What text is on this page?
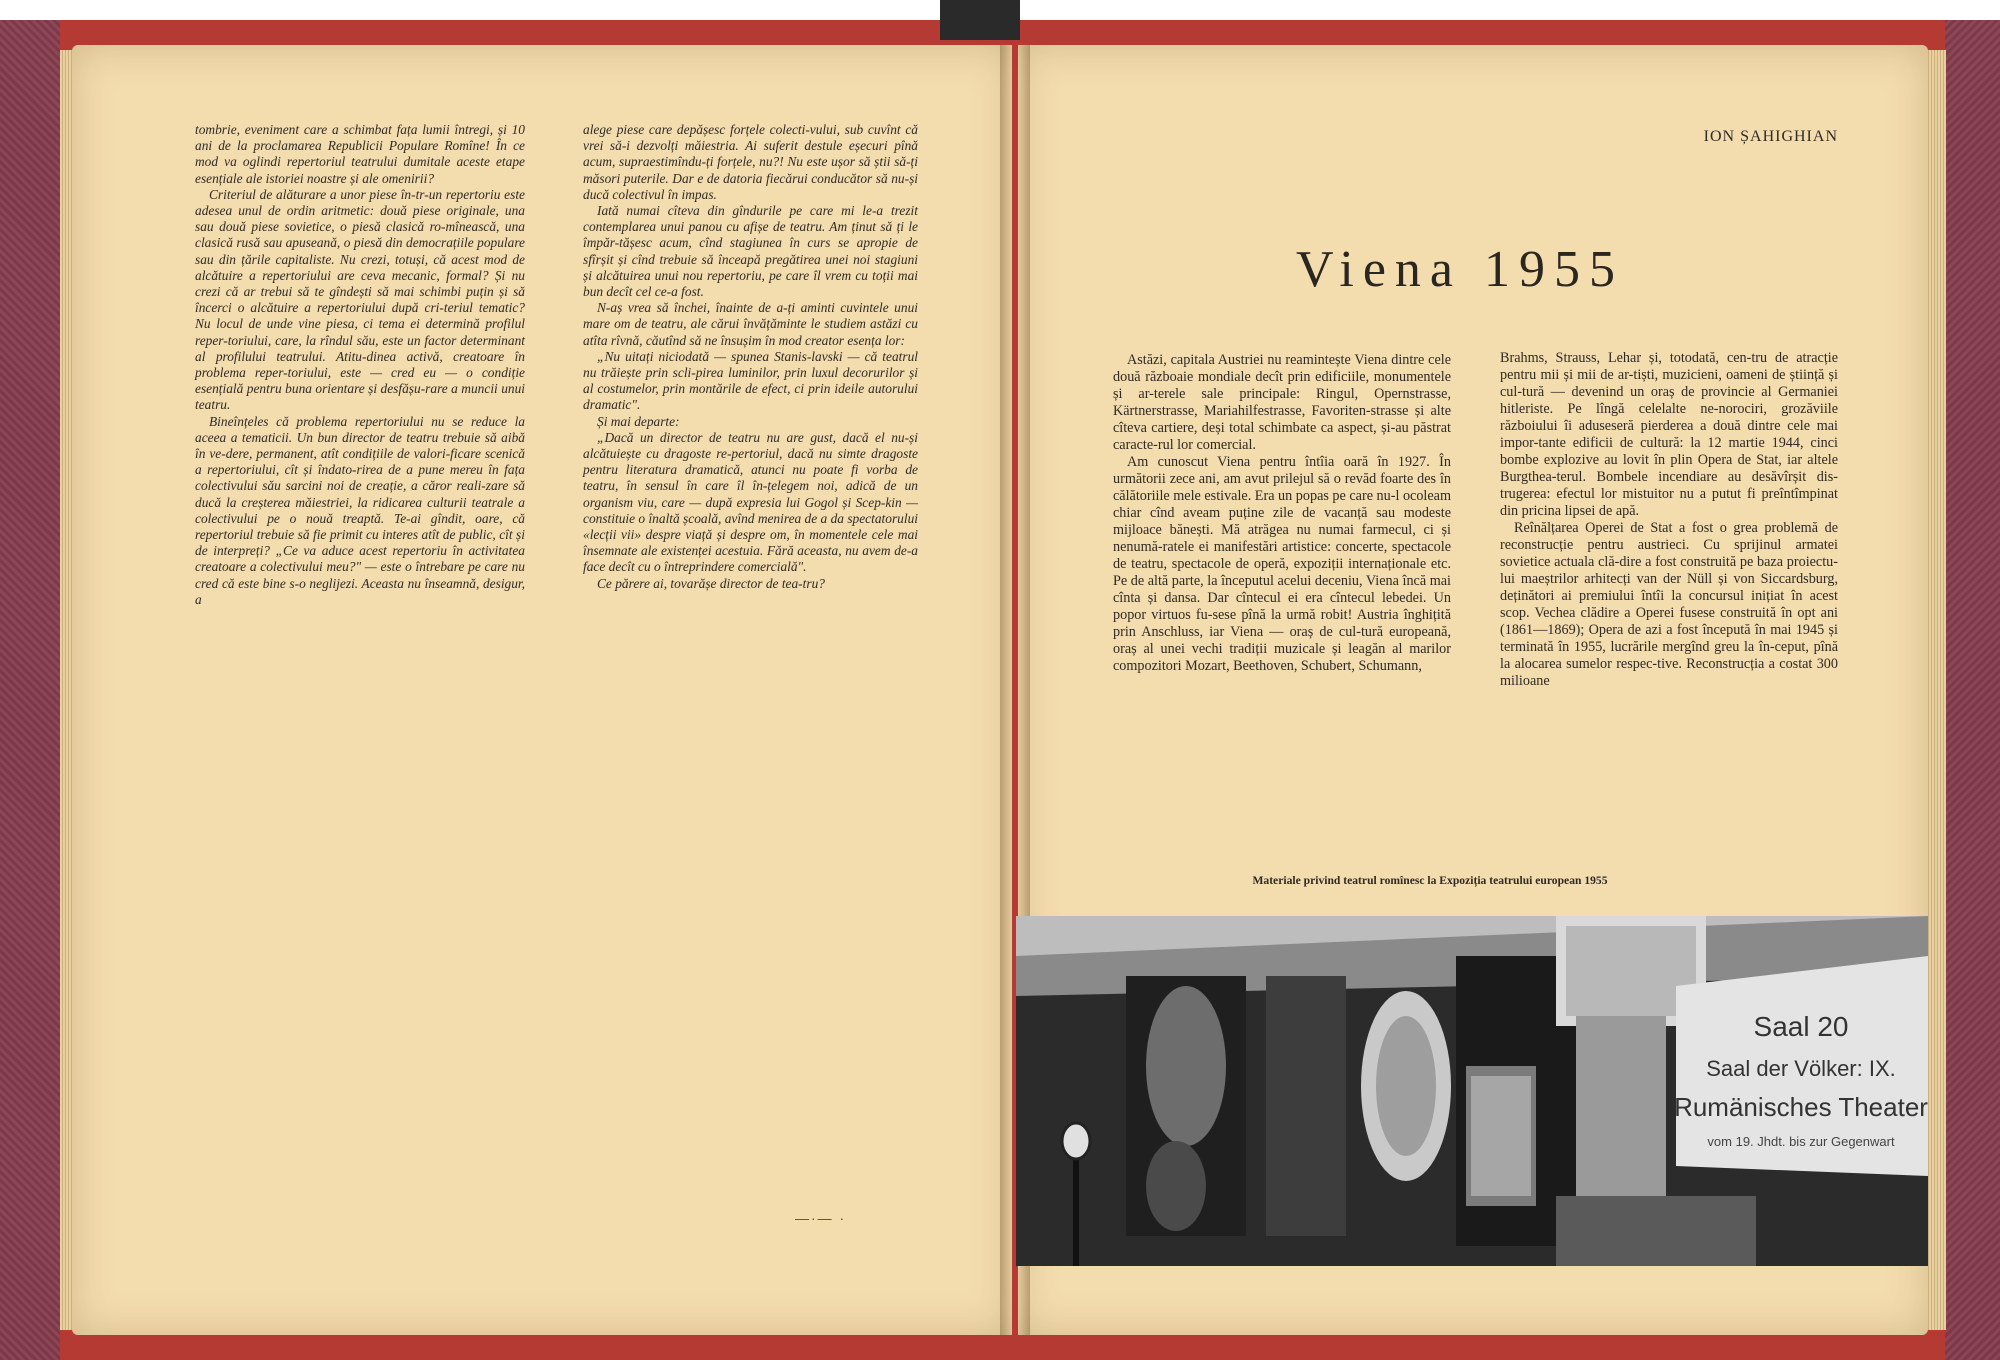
tombrie, eveniment care a schimbat fața lumii întregi, și 10 ani de la proclamarea Republicii Populare Romîne! În ce mod va oglindi repertoriul teatrului dumitale aceste etape esențiale ale istoriei noastre și ale omenirii?

Criteriul de alăturare a unor piese în-tr-un repertoriu este adesea unul de ordin aritmetic: două piese originale, una sau două piese sovietice, o piesă clasică ro-mînească, una clasică rusă sau apuseană, o piesă din democrațiile populare sau din țările capitaliste. Nu crezi, totuși, că acest mod de alcătuire a repertoriului are ceva mecanic, formal? Și nu crezi că ar trebui să te gîndești să mai schimbi puțin și să încerci o alcătuire a repertoriului după cri-teriul tematic? Nu locul de unde vine piesa, ci tema ei determină profilul reper-toriului, care, la rîndul său, este un factor determinant al profilului teatrului. Atitu-dinea activă, creatoare în problema reper-toriului, este — cred eu — o condiție esențială pentru buna orientare și desfășu-rare a muncii unui teatru.

Bineînțeles că problema repertoriului nu se reduce la aceea a tematicii. Un bun director de teatru trebuie să aibă în ve-dere, permanent, atît condițiile de valori-ficare scenică a repertoriului, cît și îndato-rirea de a pune mereu în fața colectivului său sarcini noi de creație, a căror reali-zare să ducă la creșterea măiestriei, la ridicarea culturii teatrale a colectivului pe o nouă treaptă. Te-ai gîndit, oare, că repertoriul trebuie să fie primit cu interes atît de public, cît și de interpreți? „Ce va aduce acest repertoriu în activitatea creatoare a colectivului meu?" — este o întrebare pe care nu cred că este bine s-o neglijezi. Aceasta nu înseamnă, desigur, a

alege piese care depășesc forțele colecti-vului, sub cuvînt că vrei să-i dezvolți măiestria. Ai suferit destule eșecuri pînă acum, supraestimîndu-ți forțele, nu?! Nu este ușor să știi să-ți măsori puterile. Dar e de datoria fiecărui conducător să nu-și ducă colectivul în impas.

Iată numai cîteva din gîndurile pe care mi le-a trezit contemplarea unui panou cu afișe de teatru. Am ținut să ți le împăr-tășesc acum, cînd stagiunea în curs se apropie de sfîrșit și cînd trebuie să înceapă pregătirea unei noi stagiuni și alcătuirea unui nou repertoriu, pe care îl vrem cu toții mai bun decît cel ce-a fost.

N-aș vrea să închei, înainte de a-ți aminti cuvintele unui mare om de teatru, ale cărui învățăminte le studiem astăzi cu atîta rîvnă, căutînd să ne însușim în mod creator esența lor:

„Nu uitați niciodată — spunea Stanis-lavski — că teatrul nu trăiește prin scli-pirea luminilor, prin luxul decorurilor și al costumelor, prin montările de efect, ci prin ideile autorului dramatic".

Și mai departe:

„Dacă un director de teatru nu are gust, dacă el nu-și alcătuiește cu dragoste re-pertoriul, dacă nu simte dragoste pentru literatura dramatică, atunci nu poate fi vorba de teatru, în sensul în care îl în-țelegem noi, adică de un organism viu, care — după expresia lui Gogol și Scep-kin — constituie o înaltă școală, avînd menirea de a da spectatorului «lecții vii» despre viață și despre om, în momentele cele mai însemnate ale existenței acestuia. Fără aceasta, nu avem de-a face decît cu o întreprindere comercială".

Ce părere ai, tovarășe director de tea-tru?

—·— ·
ION ȘAHIGHIAN
Viena 1955

Astăzi, capitala Austriei nu reamintește Viena dintre cele două războaie mondiale decît prin edificiile, monumentele și ar-terele sale principale: Ringul, Opernstrasse, Kärtnerstrasse, Mariahilfestrasse, Favoriten-strasse și alte cîteva cartiere, deși total schimbate ca aspect, și-au păstrat caracte-rul lor comercial.

Am cunoscut Viena pentru întîia oară în 1927. În următorii zece ani, am avut prilejul să o revăd foarte des în călătoriile mele estivale. Era un popas pe care nu-l ocoleam chiar cînd aveam puține zile de vacanță sau modeste mijloace bănești. Mă atrăgea nu numai farmecul, ci și nenumă-ratele ei manifestări artistice: concerte, spectacole de teatru, spectacole de operă, expoziții internaționale etc. Pe de altă parte, la începutul acelui deceniu, Viena încă mai cînta și dansa. Dar cîntecul ei era cîntecul lebedei. Un popor virtuos fu-sese pînă la urmă robit! Austria înghițită prin Anschluss, iar Viena — oraș de cul-tură europeană, oraș al unei vechi tradiții muzicale și leagăn al marilor compozitori Mozart, Beethoven, Schubert, Schumann,

Brahms, Strauss, Lehar și, totodată, cen-tru de atracție pentru mii și mii de ar-tiști, muzicieni, oameni de știință și cul-tură — devenind un oraș de provincie al Germaniei hitleriste. Pe lîngă celelalte ne-norociri, grozăviile războiului îi aduseseră pierderea a două dintre cele mai impor-tante edificii de cultură: la 12 martie 1944, cinci bombe explozive au lovit în plin Opera de Stat, iar altele Burgthea-terul. Bombele incendiare au desăvîrșit dis-trugerea: efectul lor mistuitor nu a putut fi preîntîmpinat din pricina lipsei de apă.

Reînălțarea Operei de Stat a fost o grea problemă de reconstrucție pentru austrieci. Cu sprijinul armatei sovietice actuala clă-dire a fost construită pe baza proiectu-lui maeștrilor arhitecți van der Nüll și von Siccardsburg, deținători ai premiului întîi la concursul inițiat în acest scop. Vechea clădire a Operei fusese construită în opt ani (1861—1869); Opera de azi a fost începută în mai 1945 și terminată în 1955, lucrările mergînd greu la în-ceput, pînă la alocarea sumelor respec-tive. Reconstrucția a costat 300 milioane

Materiale privind teatrul romînesc la Expoziția teatrului european 1955
Saal 20
Saal der Völker: IX.
Rumänisches Theater
vom 19. Jhdt. bis zur Gegenwart
